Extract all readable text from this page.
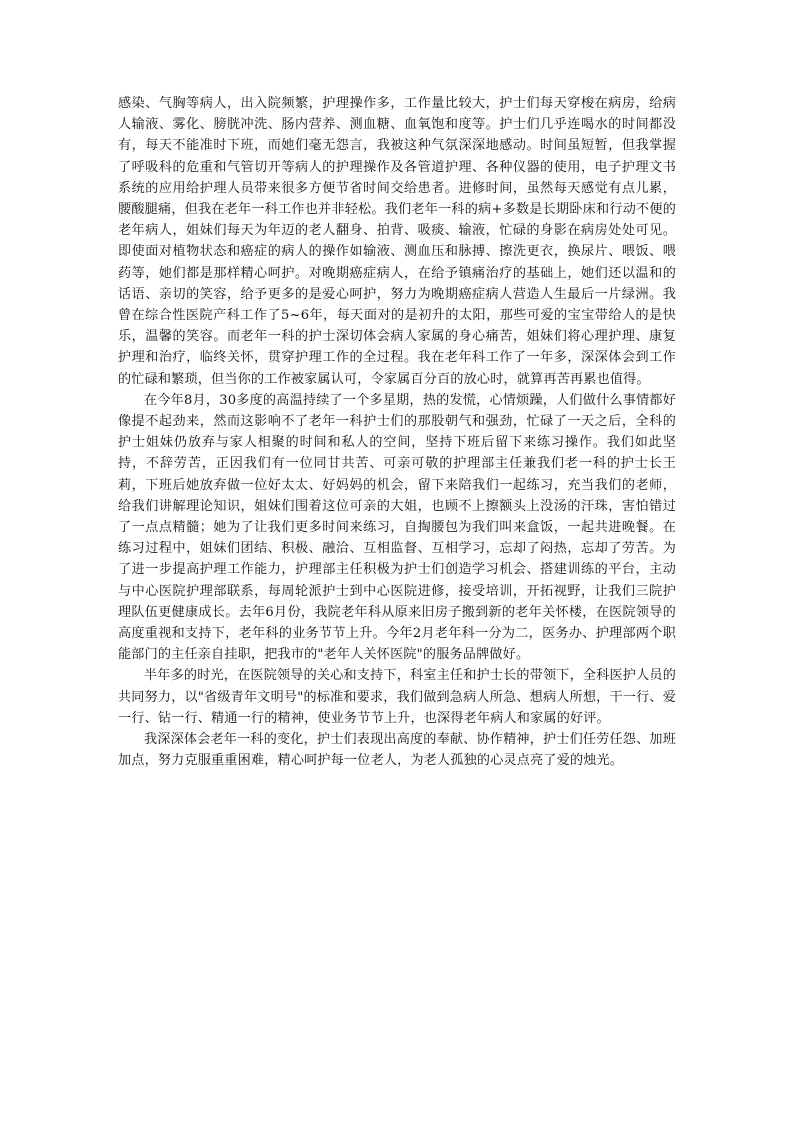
感染、气胸等病人，出入院频繁，护理操作多，工作量比较大，护士们每天穿梭在病房，给病人输液、雾化、膀胱冲洗、肠内营养、测血糖、血氧饱和度等。护士们几乎连喝水的时间都没有，每天不能准时下班，而她们毫无怨言，我被这种气氛深深地感动。时间虽短暂，但我掌握了呼吸科的危重和气管切开等病人的护理操作及各管道护理、各种仪器的使用，电子护理文书系统的应用给护理人员带来很多方便节省时间交给患者。进修时间，虽然每天感觉有点儿累，腰酸腿痛，但我在老年一科工作也并非轻松。我们老年一科的病+多数是长期卧床和行动不便的老年病人，姐妹们每天为年迈的老人翻身、拍背、吸痰、输液，忙碌的身影在病房处处可见。即使面对植物状态和癌症的病人的操作如输液、测血压和脉搏、擦洗更衣，换尿片、喂饭、喂药等，她们都是那样精心呵护。对晚期癌症病人，在给予镇痛治疗的基础上，她们还以温和的话语、亲切的笑容，给予更多的是爱心呵护，努力为晚期癌症病人营造人生最后一片绿洲。我曾在综合性医院产科工作了5~6年，每天面对的是初升的太阳，那些可爱的宝宝带给人的是快乐，温馨的笑容。而老年一科的护士深切体会病人家属的身心痛苦，姐妹们将心理护理、康复护理和治疗，临终关怀，贯穿护理工作的全过程。我在老年科工作了一年多，深深体会到工作的忙碌和繁琐，但当你的工作被家属认可，令家属百分百的放心时，就算再苦再累也值得。

在今年8月，30多度的高温持续了一个多星期，热的发慌，心情烦躁，人们做什么事情都好像提不起劲来，然而这影响不了老年一科护士们的那股朝气和强劲，忙碌了一天之后，全科的护士姐妹仍放弃与家人相聚的时间和私人的空间，坚持下班后留下来练习操作。我们如此坚持，不辞劳苦，正因我们有一位同甘共苦、可亲可敬的护理部主任兼我们老一科的护士长王莉，下班后她放弃做一位好太太、好妈妈的机会，留下来陪我们一起练习，充当我们的老师，给我们讲解理论知识，姐妹们围着这位可亲的大姐，也顾不上擦额头上没汤的汗珠，害怕错过了一点点精髓；她为了让我们更多时间来练习，自掏腰包为我们叫来盒饭，一起共进晚餐。在练习过程中，姐妹们团结、积极、融洽、互相监督、互相学习，忘却了闷热，忘却了劳苦。为了进一步提高护理工作能力，护理部主任积极为护士们创造学习机会、搭建训练的平台，主动与中心医院护理部联系，每周轮派护士到中心医院进修，接受培训，开拓视野，让我们三院护理队伍更健康成长。去年6月份，我院老年科从原来旧房子搬到新的老年关怀楼，在医院领导的高度重视和支持下，老年科的业务节节上升。今年2月老年科一分为二，医务办、护理部两个职能部门的主任亲自挂职，把我市的"老年人关怀医院"的服务品牌做好。

半年多的时光，在医院领导的关心和支持下，科室主任和护士长的带领下，全科医护人员的共同努力，以"省级青年文明号"的标准和要求，我们做到急病人所急、想病人所想，干一行、爱一行、钻一行、精通一行的精神，使业务节节上升，也深得老年病人和家属的好评。

我深深体会老年一科的变化，护士们表现出高度的奉献、协作精神，护士们任劳任怨、加班加点，努力克服重重困难，精心呵护每一位老人，为老人孤独的心灵点亮了爱的烛光。
